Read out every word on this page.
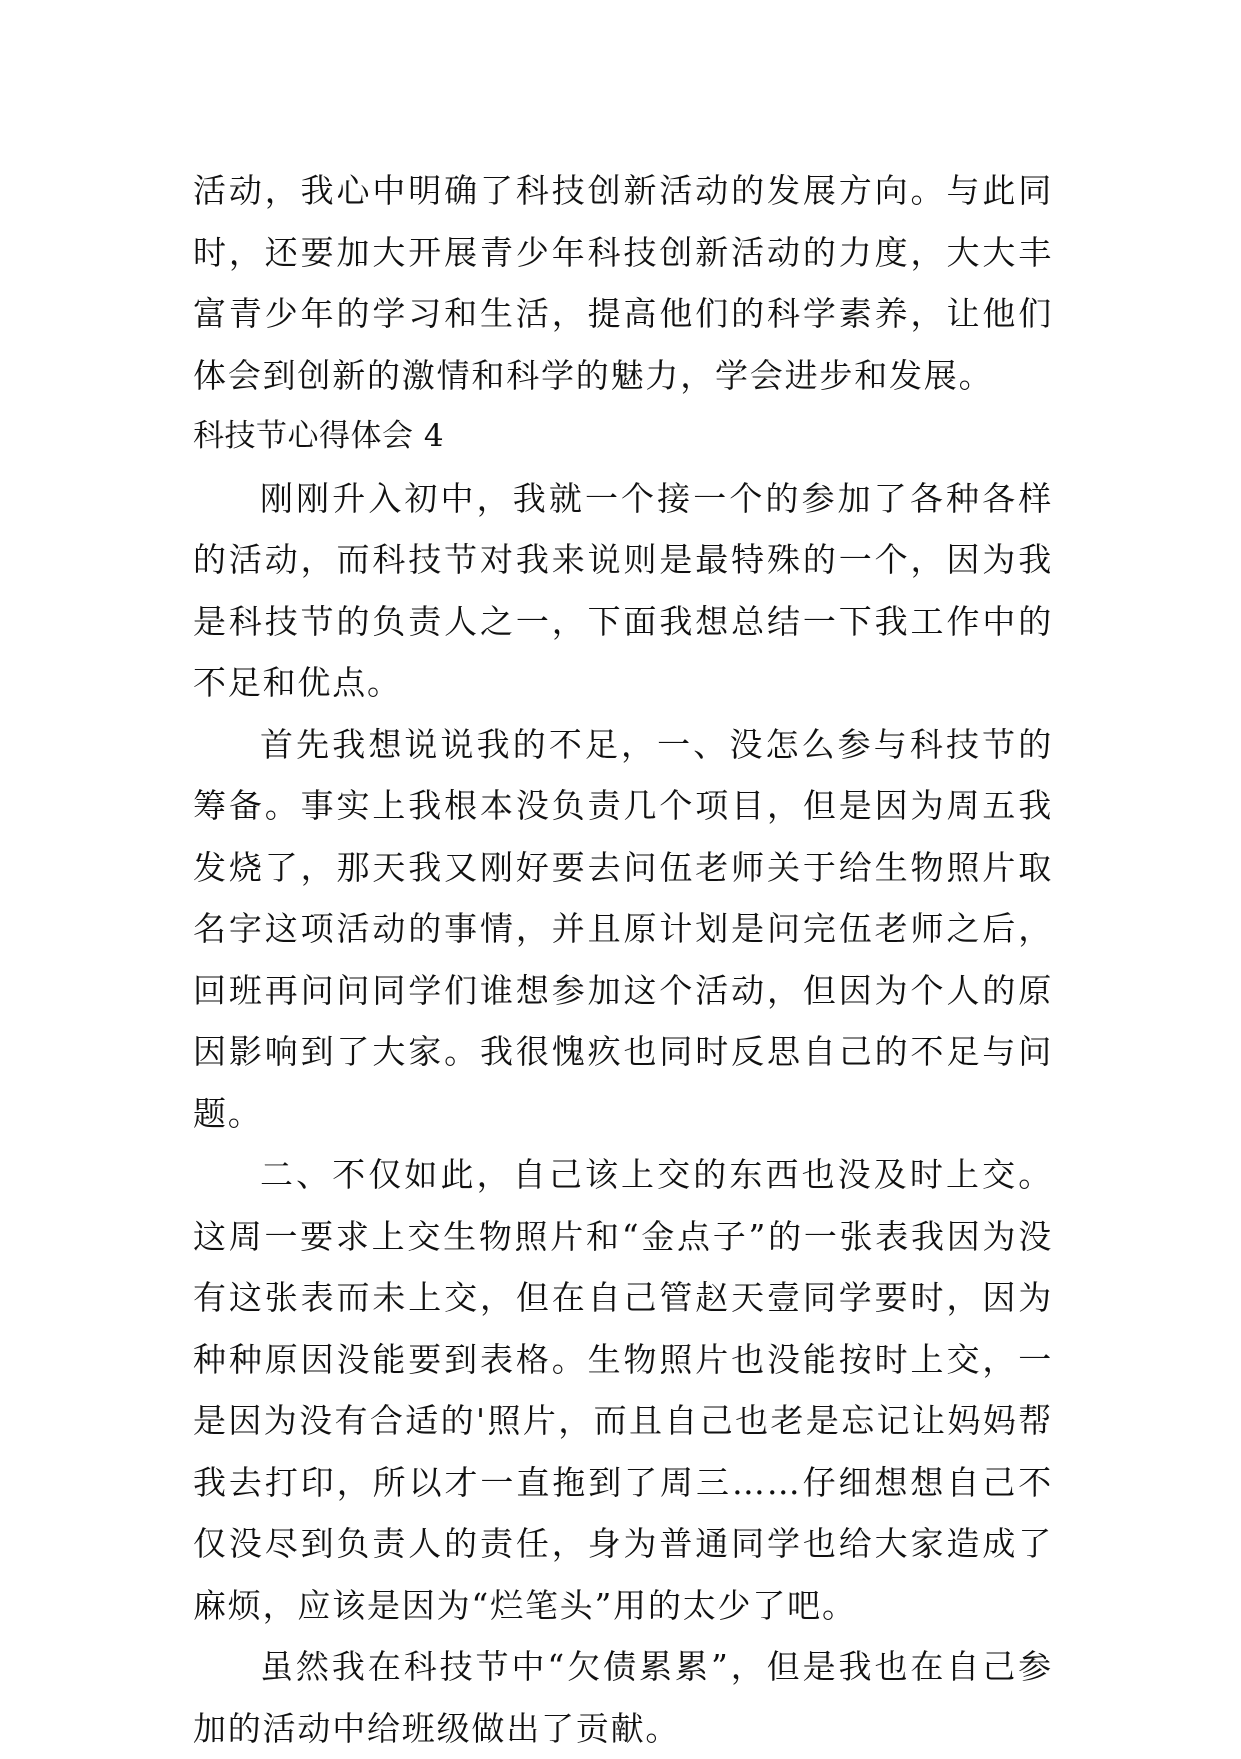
活动，我心中明确了科技创新活动的发展方向。与此同时，还要加大开展青少年科技创新活动的力度，大大丰富青少年的学习和生活，提高他们的科学素养，让他们体会到创新的激情和科学的魅力，学会进步和发展。

科技节心得体会 4

刚刚升入初中，我就一个接一个的参加了各种各样的活动，而科技节对我来说则是最特殊的一个，因为我是科技节的负责人之一，下面我想总结一下我工作中的不足和优点。

首先我想说说我的不足，一、没怎么参与科技节的筹备。事实上我根本没负责几个项目，但是因为周五我发烧了，那天我又刚好要去问伍老师关于给生物照片取名字这项活动的事情，并且原计划是问完伍老师之后，回班再问问同学们谁想参加这个活动，但因为个人的原因影响到了大家。我很愧疚也同时反思自己的不足与问题。

二、不仅如此，自己该上交的东西也没及时上交。这周一要求上交生物照片和“金点子”的一张表我因为没有这张表而未上交，但在自己管赵天壹同学要时，因为种种原因没能要到表格。生物照片也没能按时上交，一是因为没有合适的'照片，而且自己也老是忘记让妈妈帮我去打印，所以才一直拖到了周三……仔细想想自己不仅没尽到负责人的责任，身为普通同学也给大家造成了麻烦，应该是因为“烂笔头”用的太少了吧。

虽然我在科技节中“欠债累累”，但是我也在自己参加的活动中给班级做出了贡献。
